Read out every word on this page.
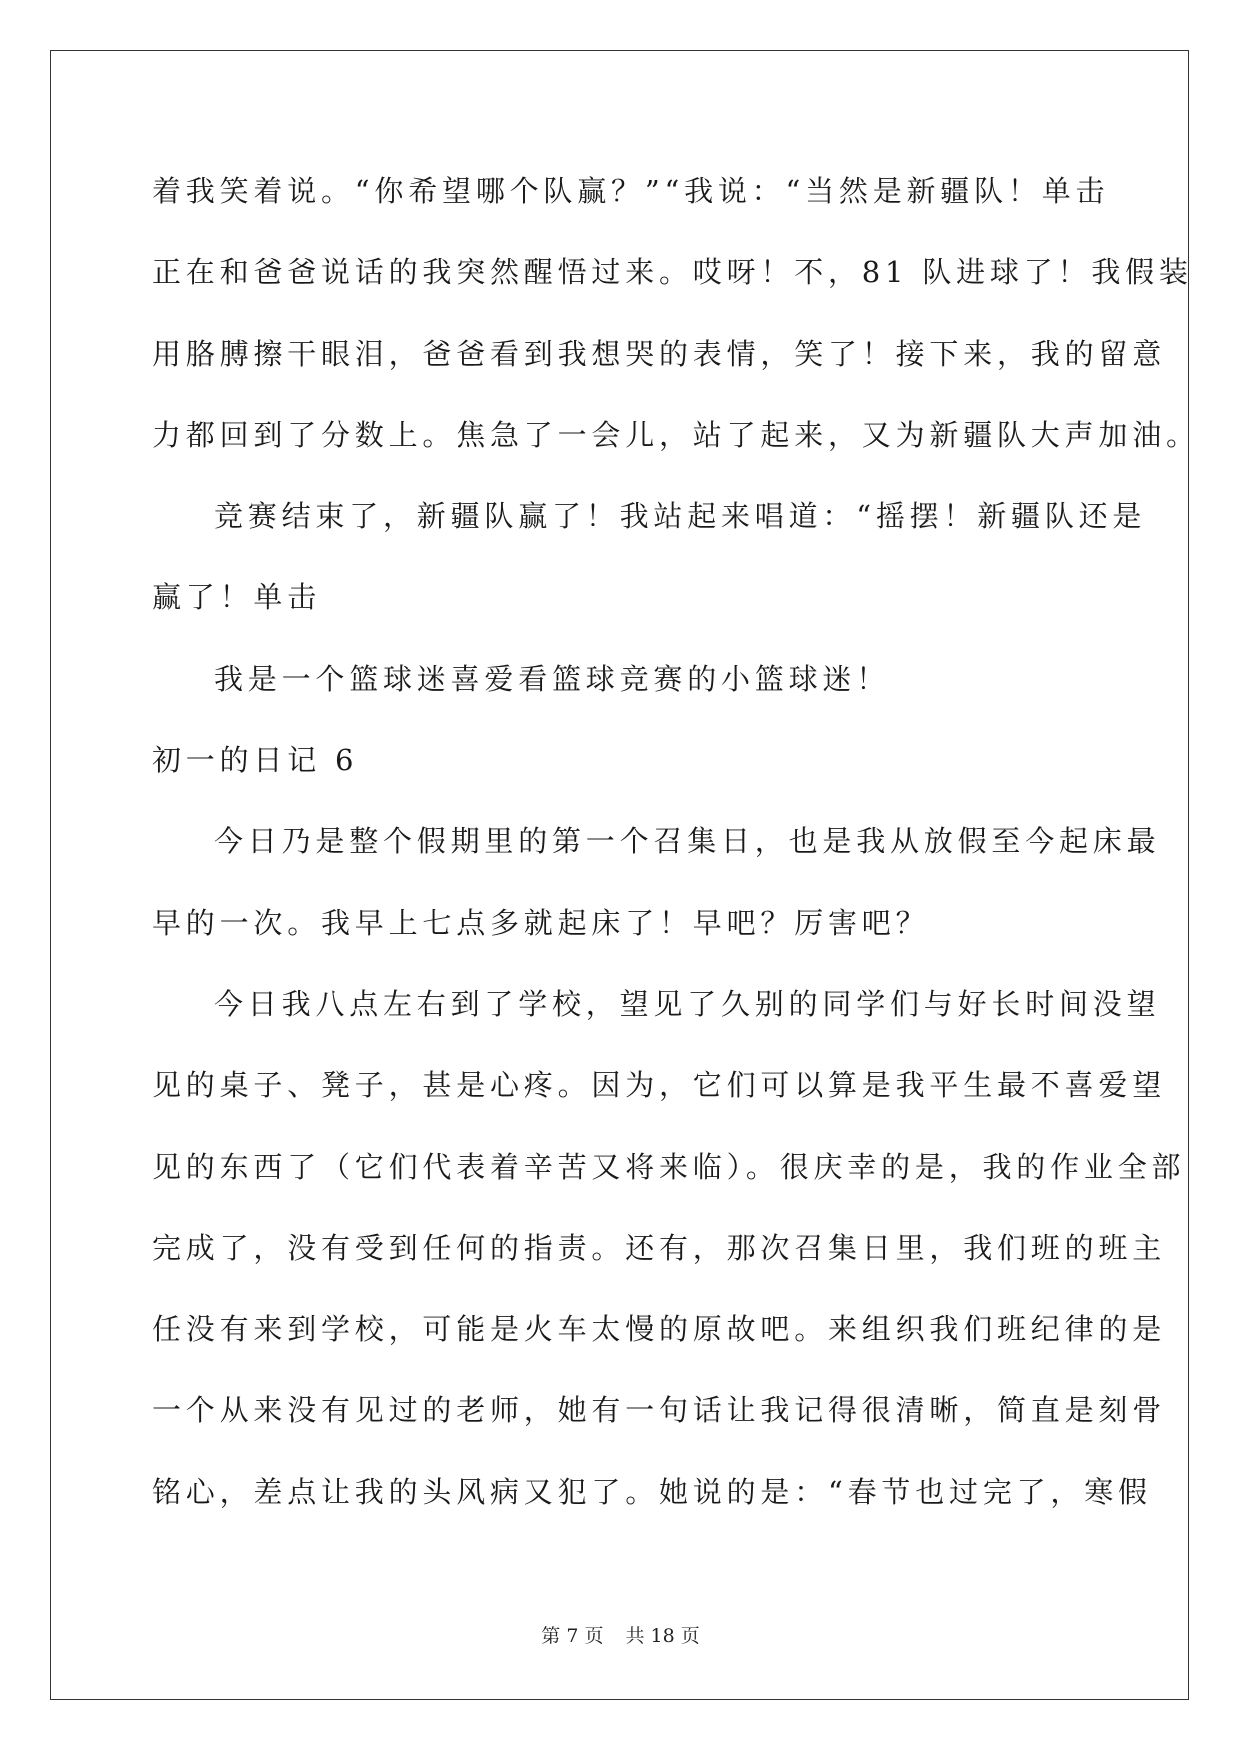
着我笑着说。“你希望哪个队赢？”“我说：“当然是新疆队！单击
正在和爸爸说话的我突然醒悟过来。哎呀！不，81 队进球了！我假装
用胳膊擦干眼泪，爸爸看到我想哭的表情，笑了！接下来，我的留意
力都回到了分数上。焦急了一会儿，站了起来，又为新疆队大声加油。
竞赛结束了，新疆队赢了！我站起来唱道：“摇摆！新疆队还是
赢了！单击
我是一个篮球迷喜爱看篮球竞赛的小篮球迷！
初一的日记 6
今日乃是整个假期里的第一个召集日，也是我从放假至今起床最
早的一次。我早上七点多就起床了！早吧？厉害吧？
今日我八点左右到了学校，望见了久别的同学们与好长时间没望
见的桌子、凳子，甚是心疼。因为，它们可以算是我平生最不喜爱望
见的东西了（它们代表着辛苦又将来临）。很庆幸的是，我的作业全部
完成了，没有受到任何的指责。还有，那次召集日里，我们班的班主
任没有来到学校，可能是火车太慢的原故吧。来组织我们班纪律的是
一个从来没有见过的老师，她有一句话让我记得很清晰，简直是刻骨
铭心，差点让我的头风病又犯了。她说的是：“春节也过完了，寒假
第 7 页 共 18 页
